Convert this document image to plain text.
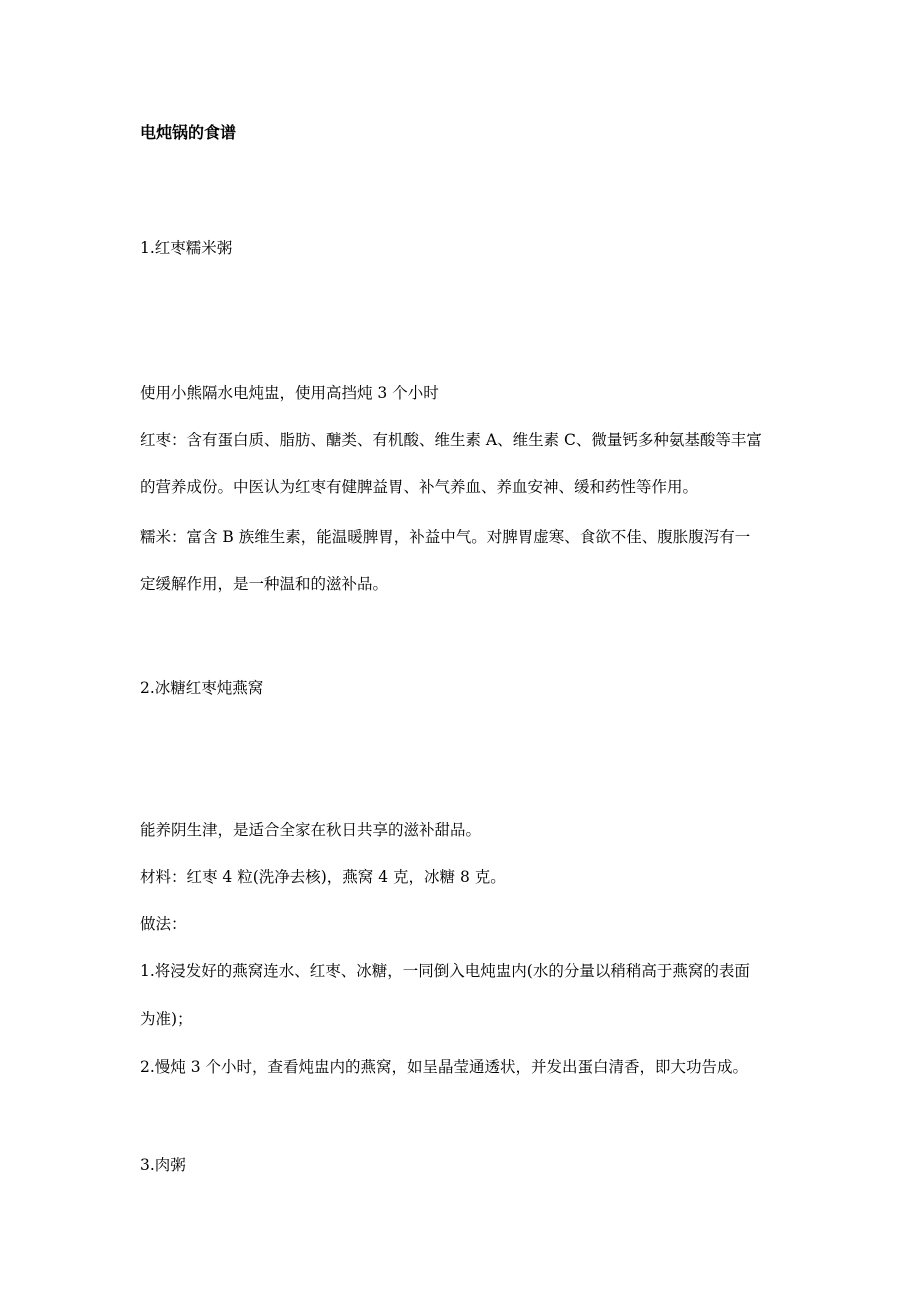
电炖锅的食谱
1.红枣糯米粥
使用小熊隔水电炖盅，使用高挡炖 3 个小时
红枣：含有蛋白质、脂肪、醣类、有机酸、维生素 A、维生素 C、微量钙多种氨基酸等丰富
的营养成份。中医认为红枣有健脾益胃、补气养血、养血安神、缓和药性等作用。
糯米：富含 B 族维生素，能温暖脾胃，补益中气。对脾胃虚寒、食欲不佳、腹胀腹泻有一
定缓解作用，是一种温和的滋补品。
2.冰糖红枣炖燕窝
能养阴生津，是适合全家在秋日共享的滋补甜品。
材料：红枣 4 粒(洗净去核)，燕窝 4 克，冰糖 8 克。
做法：
1.将浸发好的燕窝连水、红枣、冰糖，一同倒入电炖盅内(水的分量以稍稍高于燕窝的表面
为准)；
2.慢炖 3 个小时，查看炖盅内的燕窝，如呈晶莹通透状，并发出蛋白清香，即大功告成。
3.肉粥
